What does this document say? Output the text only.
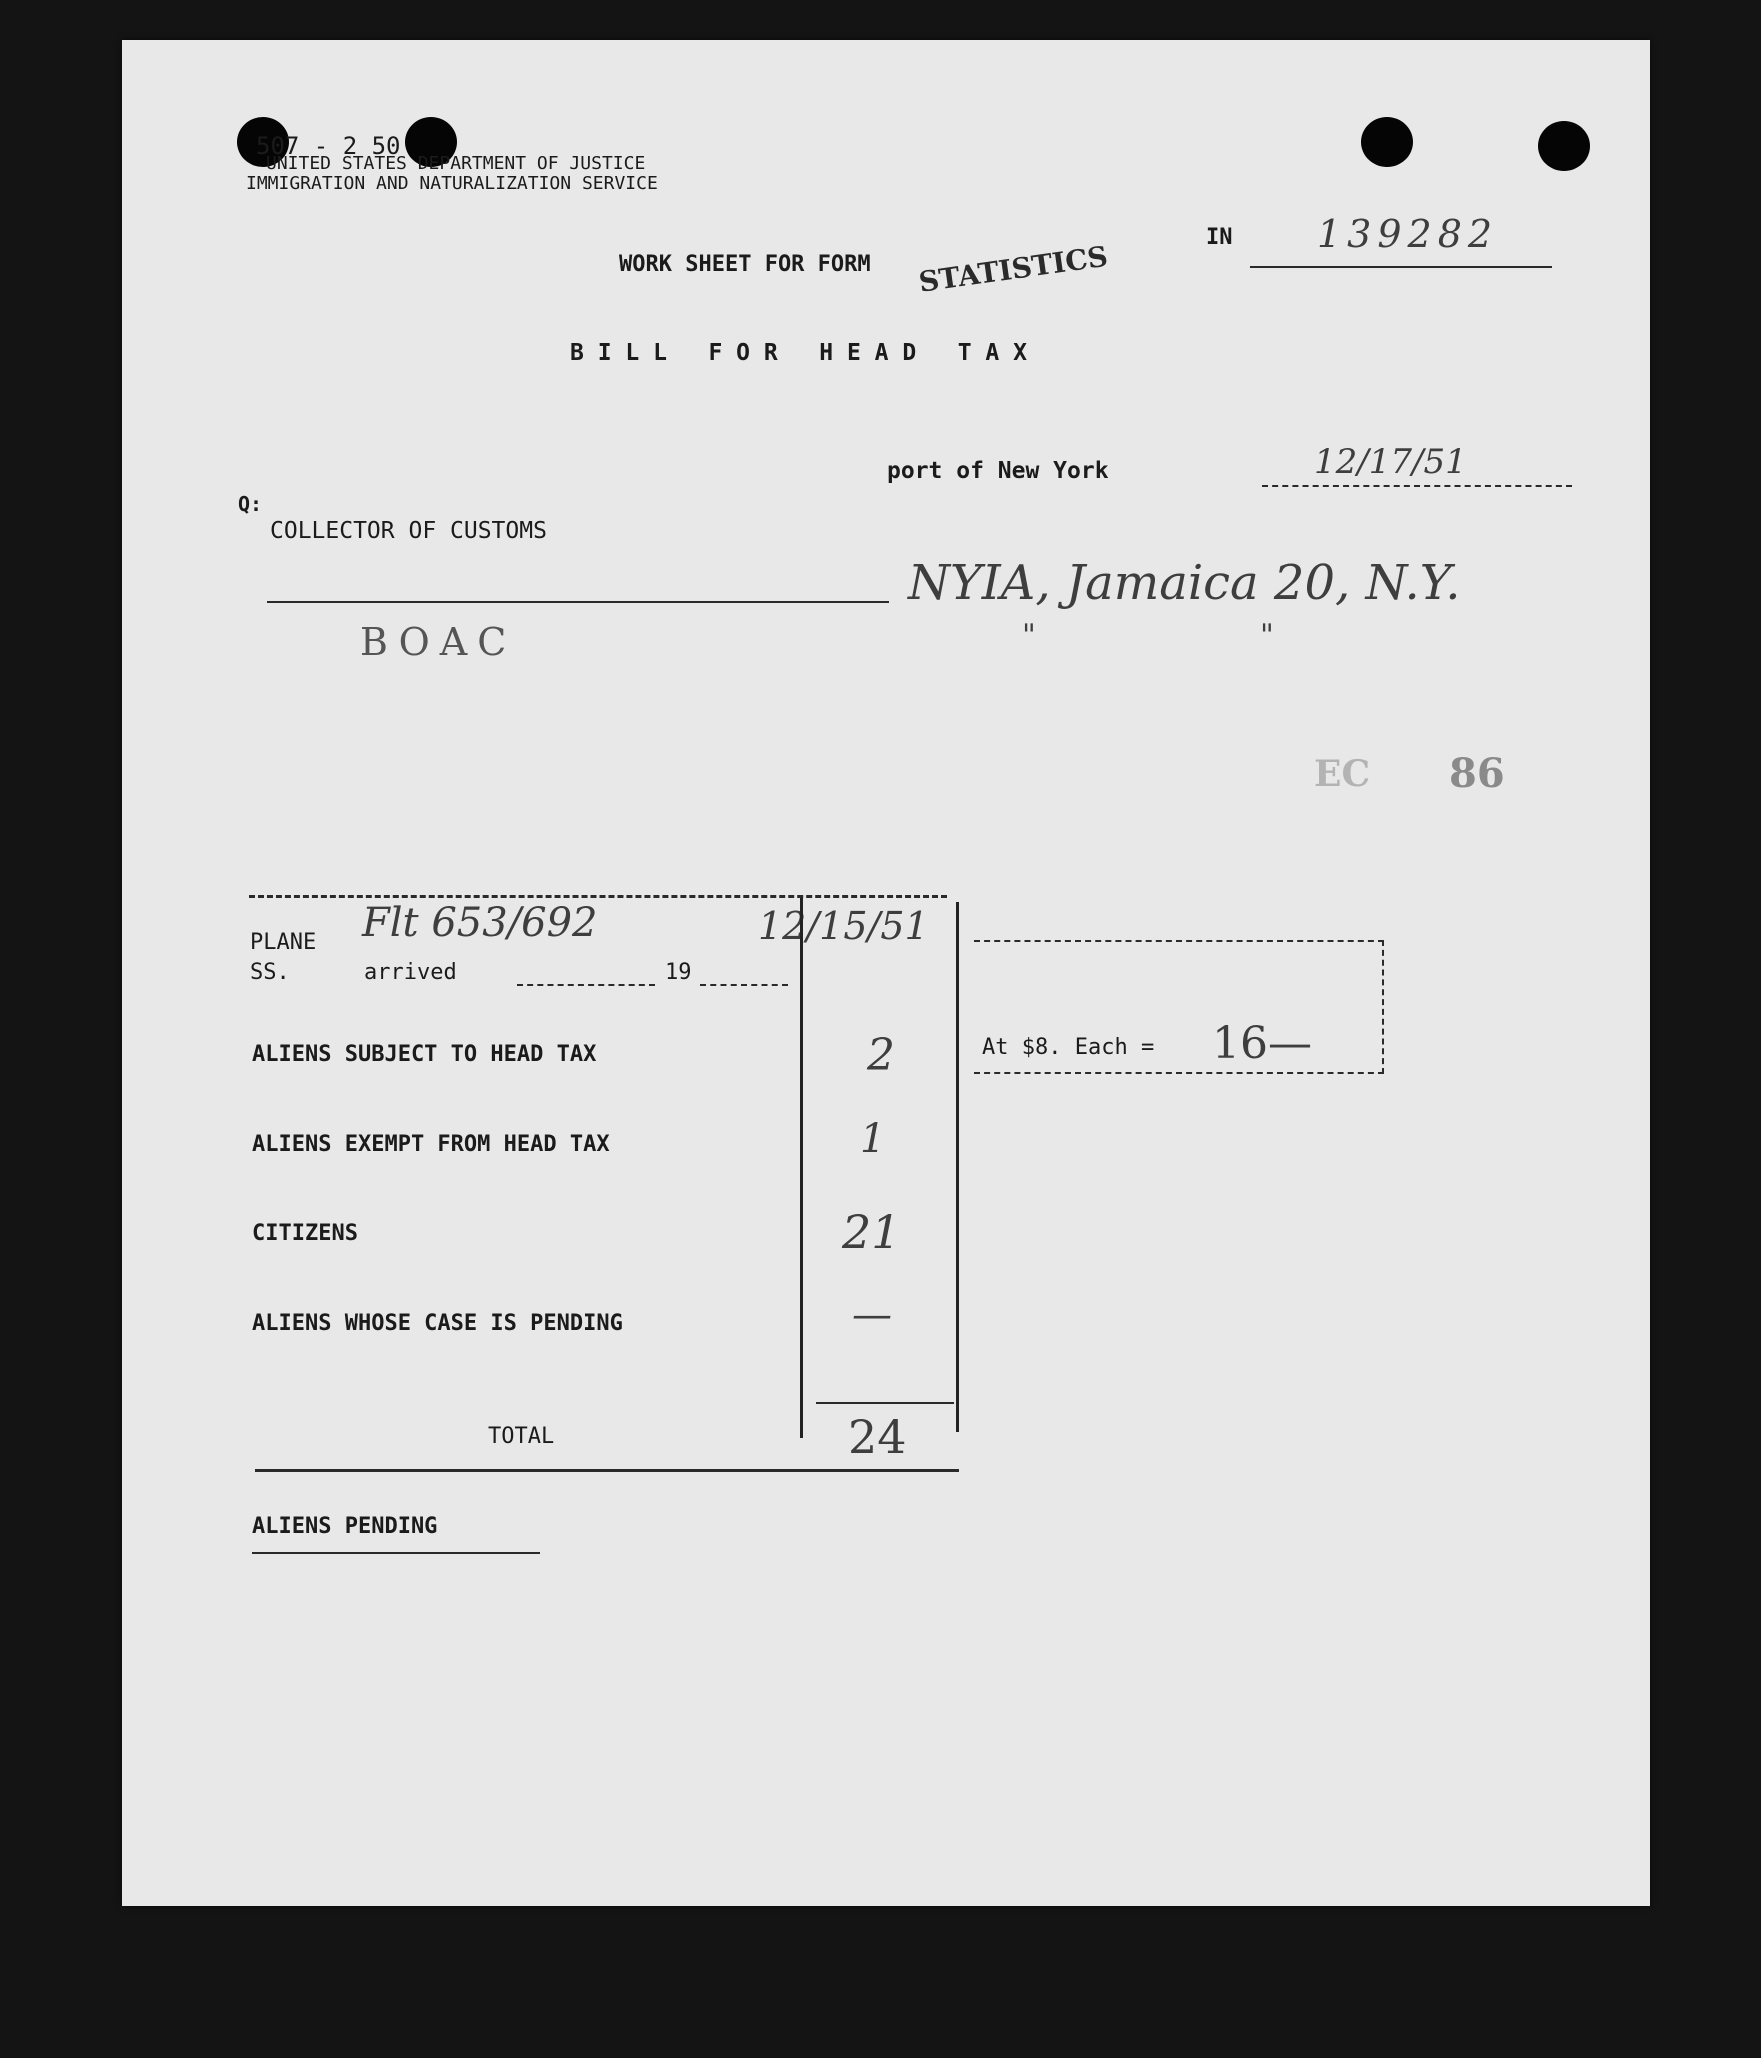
507 - 2 50
UNITED STATES DEPARTMENT OF JUSTICE
IMMIGRATION AND NATURALIZATION SERVICE
WORK SHEET FOR FORM STATISTICS
IN 139282
B I L L   F O R   H E A D   T A X
port of New York	12/17/51
Q:
COLLECTOR OF CUSTOMS
NYIA, Jamaica 20, N.Y.
"	"
BOAC
EC 86
PLANE
SS.	arrived	19
Flt 653/692	12/15/51
ALIENS SUBJECT TO HEAD TAX	2
ALIENS EXEMPT FROM HEAD TAX	1
CITIZENS	21
ALIENS WHOSE CASE IS PENDING	—
TOTAL	24
At $8. Each = 16—
ALIENS PENDING
